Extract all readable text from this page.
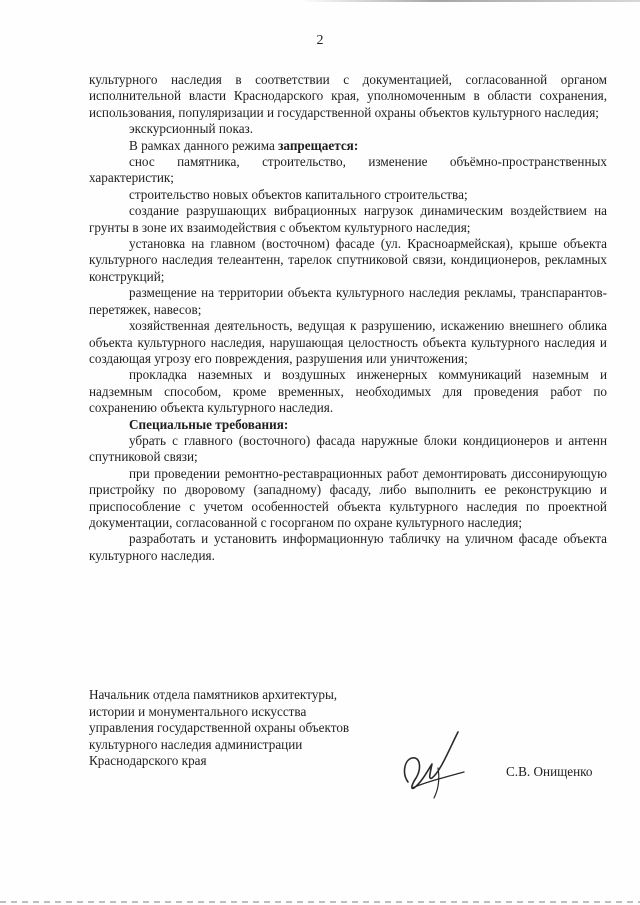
2

культурного наследия в соответствии с документацией, согласованной органом исполнительной власти Краснодарского края, уполномоченным в области сохранения, использования, популяризации и государственной охраны объектов культурного наследия;

экскурсионный показ.

В рамках данного режима запрещается:

снос памятника, строительство, изменение объёмно-пространственных характеристик;

строительство новых объектов капитального строительства;

создание разрушающих вибрационных нагрузок динамическим воздействием на грунты в зоне их взаимодействия с объектом культурного наследия;

установка на главном (восточном) фасаде (ул. Красноармейская), крыше объекта культурного наследия телеантенн, тарелок спутниковой связи, кондиционеров, рекламных конструкций;

размещение на территории объекта культурного наследия рекламы, транспарантов-перетяжек, навесов;

хозяйственная деятельность, ведущая к разрушению, искажению внешнего облика объекта культурного наследия, нарушающая целостность объекта культурного наследия и создающая угрозу его повреждения, разрушения или уничтожения;

прокладка наземных и воздушных инженерных коммуникаций наземным и надземным способом, кроме временных, необходимых для проведения работ по сохранению объекта культурного наследия.

Специальные требования:

убрать с главного (восточного) фасада наружные блоки кондиционеров и антенн спутниковой связи;

при проведении ремонтно-реставрационных работ демонтировать диссонирующую пристройку по дворовому (западному) фасаду, либо выполнить ее реконструкцию и приспособление с учетом особенностей объекта культурного наследия по проектной документации, согласованной с госорганом по охране культурного наследия;

разработать и установить информационную табличку на уличном фасаде объекта культурного наследия.

Начальник отдела памятников архитектуры,
истории и монументального искусства
управления государственной охраны объектов
культурного наследия администрации
Краснодарского края
С.В. Онищенко
